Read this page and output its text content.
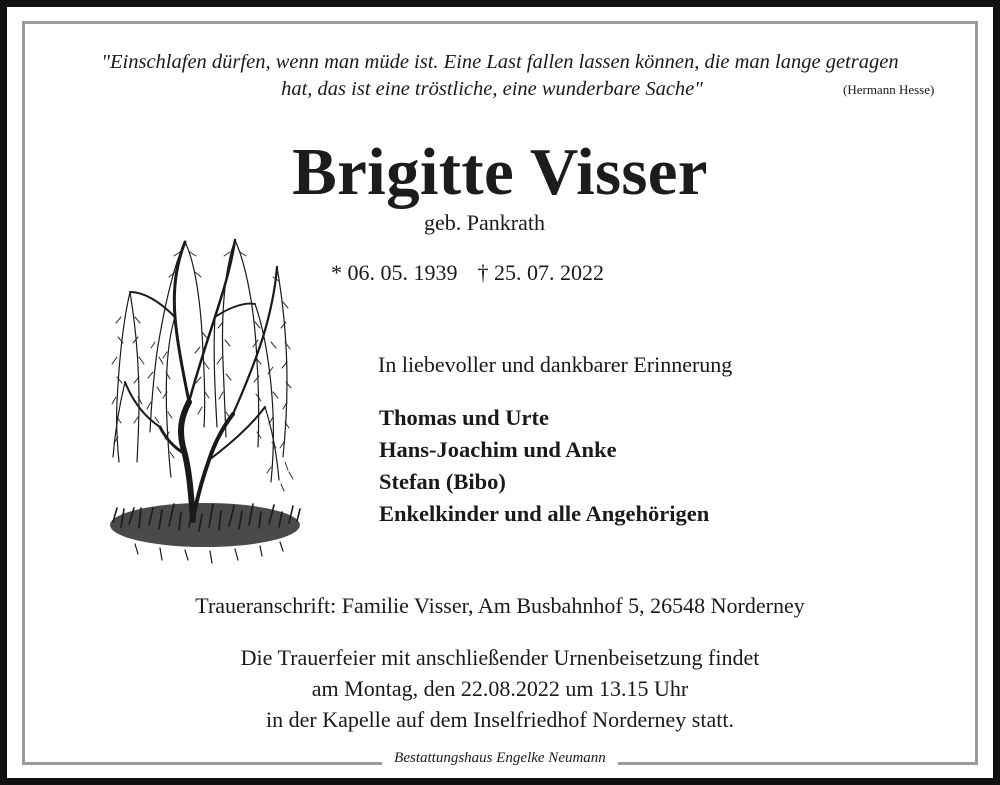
"Einschlafen dürfen, wenn man müde ist. Eine Last fallen lassen können, die man lange getragen
hat, das ist eine tröstliche, eine wunderbare Sache"	(Hermann Hesse)
Brigitte Visser
geb. Pankrath
* 06. 05. 1939 † 25. 07. 2022
In liebevoller und dankbarer Erinnerung
Thomas und Urte
Hans-Joachim und Anke
Stefan (Bibo)
Enkelkinder und alle Angehörigen
Traueranschrift: Familie Visser, Am Busbahnhof 5, 26548 Norderney
Die Trauerfeier mit anschließender Urnenbeisetzung findet
am Montag, den 22.08.2022 um 13.15 Uhr
in der Kapelle auf dem Inselfriedhof Norderney statt.
Bestattungshaus Engelke Neumann
